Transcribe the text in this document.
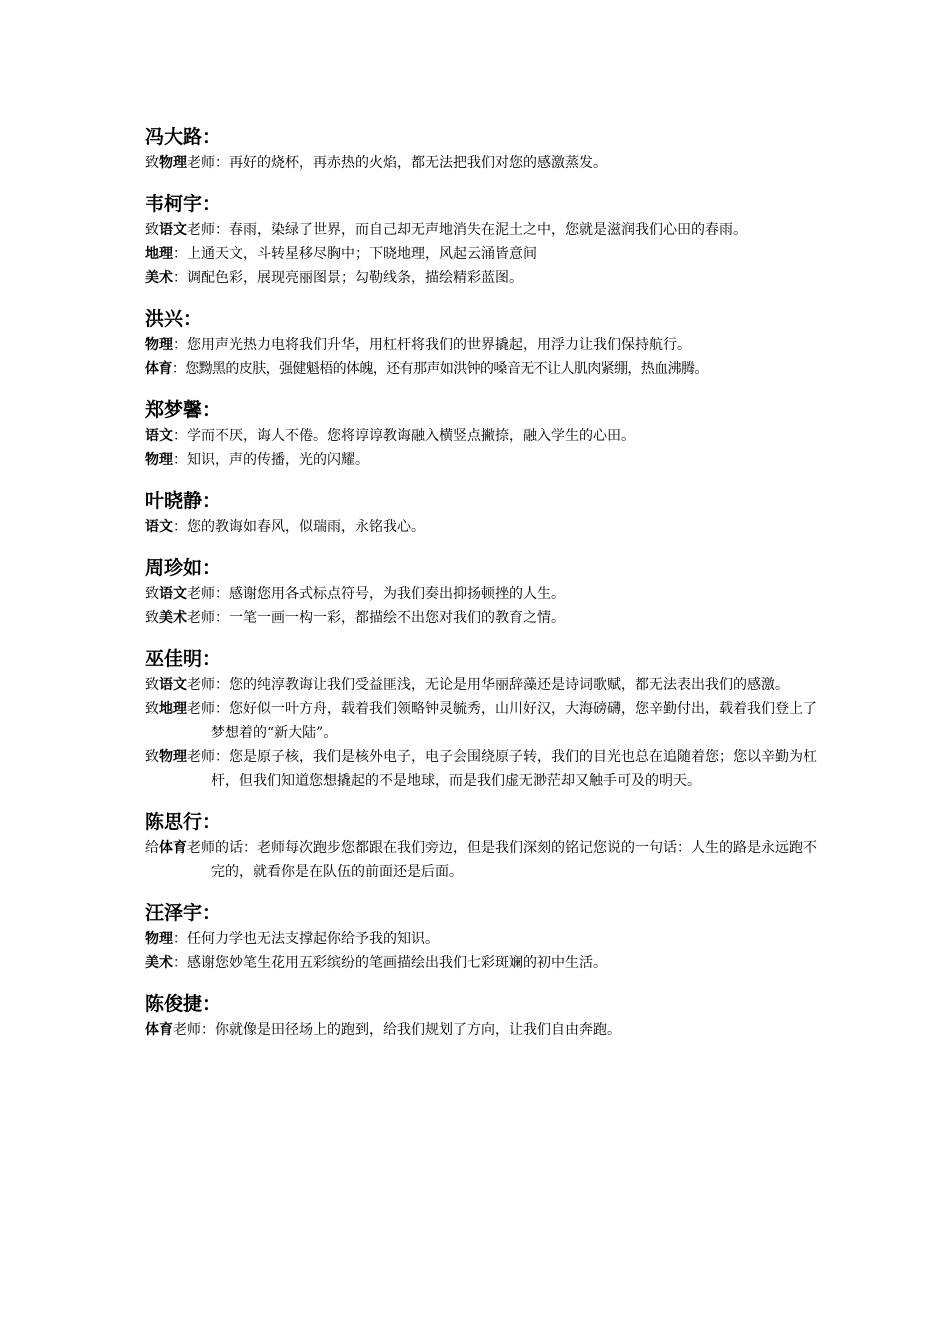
冯大路：
致物理老师：再好的烧杯，再赤热的火焰，都无法把我们对您的感激蒸发。
韦柯宇：
致语文老师：春雨，染绿了世界，而自己却无声地消失在泥土之中，您就是滋润我们心田的春雨。
地理：上通天文，斗转星移尽胸中；下晓地理，风起云涌皆意间
美术：调配色彩，展现亮丽图景；勾勒线条，描绘精彩蓝图。
洪兴：
物理：您用声光热力电将我们升华，用杠杆将我们的世界撬起，用浮力让我们保持航行。
体育：您黝黑的皮肤，强健魁梧的体魄，还有那声如洪钟的嗓音无不让人肌肉紧绷，热血沸腾。
郑梦馨：
语文：学而不厌，诲人不倦。您将谆谆教诲融入横竖点撇捺，融入学生的心田。
物理：知识，声的传播，光的闪耀。
叶晓静：
语文：您的教诲如春风，似瑞雨，永铭我心。
周珍如：
致语文老师：感谢您用各式标点符号，为我们奏出抑扬顿挫的人生。
致美术老师：一笔一画一构一彩，都描绘不出您对我们的教育之情。
巫佳明：
致语文老师：您的纯淳教诲让我们受益匪浅，无论是用华丽辞藻还是诗词歌赋，都无法表出我们的感激。
致地理老师：您好似一叶方舟，载着我们领略钟灵毓秀，山川好汉，大海磅礴，您辛勤付出，载着我们登上了梦想着的“新大陆”。
致物理老师：您是原子核，我们是核外电子，电子会围绕原子转，我们的目光也总在追随着您；您以辛勤为杠杆，但我们知道您想撬起的不是地球，而是我们虚无渺茫却又触手可及的明天。
陈思行：
给体育老师的话：老师每次跑步您都跟在我们旁边，但是我们深刻的铭记您说的一句话：人生的路是永远跑不完的，就看你是在队伍的前面还是后面。
汪泽宇：
物理：任何力学也无法支撑起你给予我的知识。
美术：感谢您妙笔生花用五彩缤纷的笔画描绘出我们七彩斑斓的初中生活。
陈俊捷：
体育老师：你就像是田径场上的跑到，给我们规划了方向，让我们自由奔跑。
